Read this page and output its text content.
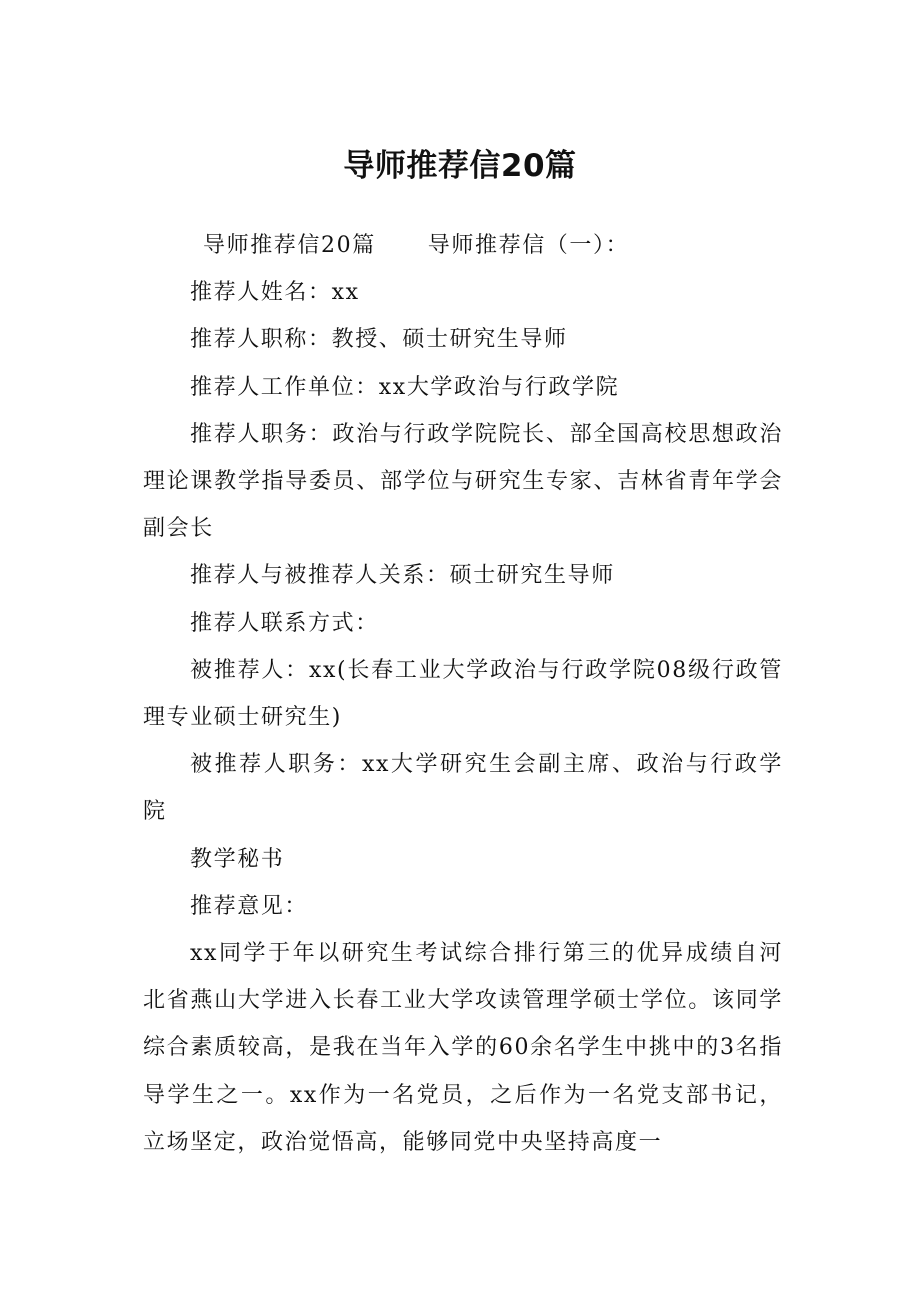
导师推荐信20篇

导师推荐信20篇 导师推荐信（一）：

推荐人姓名：xx

推荐人职称：教授、硕士研究生导师

推荐人工作单位：xx大学政治与行政学院

推荐人职务：政治与行政学院院长、部全国高校思想政治理论课教学指导委员、部学位与研究生专家、吉林省青年学会副会长

推荐人与被推荐人关系：硕士研究生导师

推荐人联系方式：

被推荐人：xx(长春工业大学政治与行政学院08级行政管理专业硕士研究生)

被推荐人职务：xx大学研究生会副主席、政治与行政学院

教学秘书

推荐意见：

xx同学于年以研究生考试综合排行第三的优异成绩自河北省燕山大学进入长春工业大学攻读管理学硕士学位。该同学综合素质较高，是我在当年入学的60余名学生中挑中的3名指导学生之一。xx作为一名党员，之后作为一名党支部书记，立场坚定，政治觉悟高，能够同党中央坚持高度一
